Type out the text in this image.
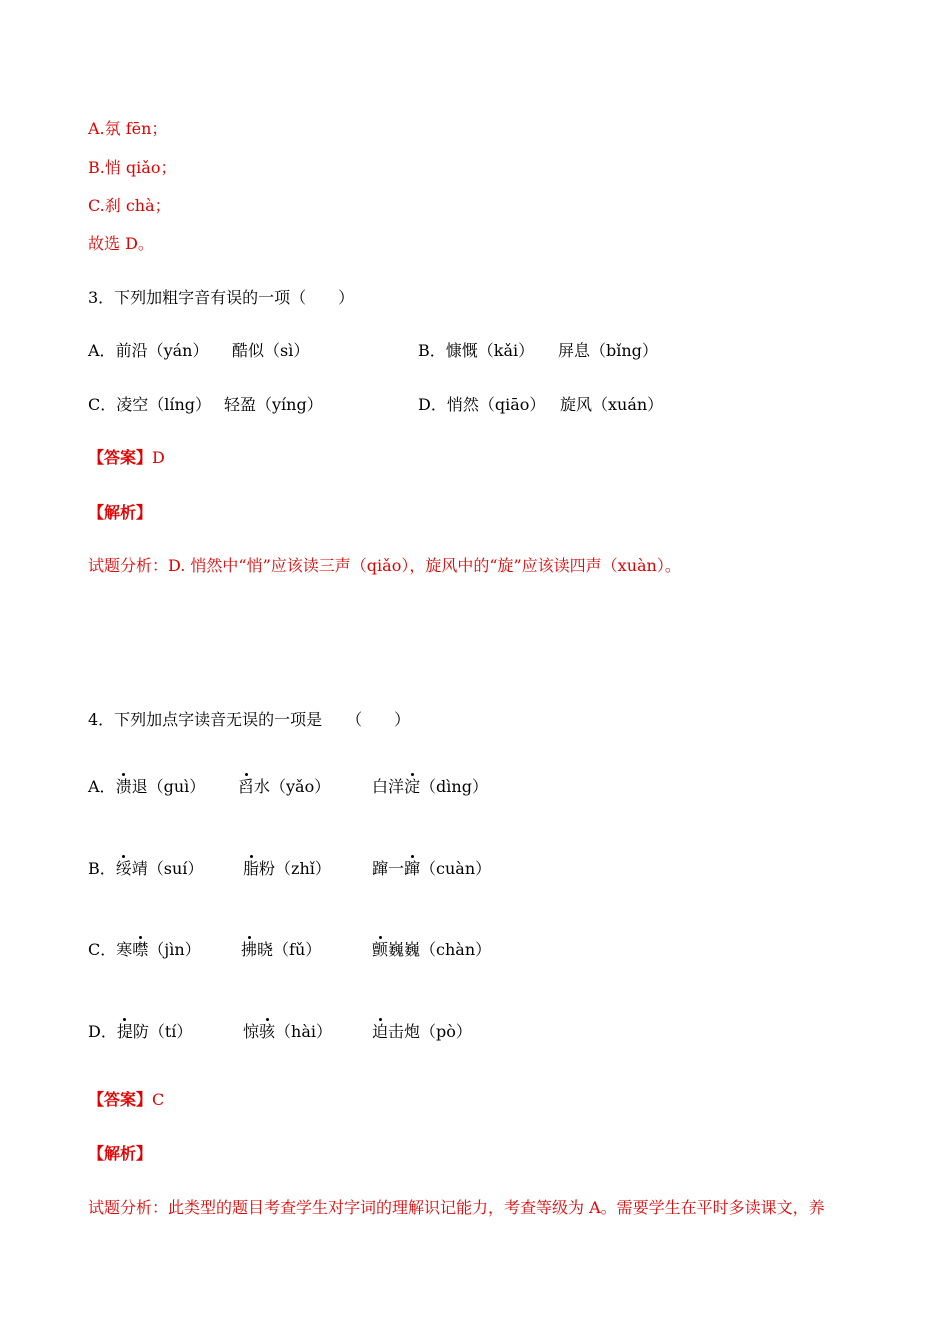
A.氛 fēn；
B.悄 qiǎo；
C.刹 chà；
故选 D。
3．下列加粗字音有误的一项（　　）
A．前沿（yán） 酷似（sì）	B．慷慨（kǎi） 屏息（bǐng）
C．凌空（líng） 轻盈（yíng）	D．悄然（qiāo） 旋风（xuán）
【答案】D
【解析】
试题分析：D. 悄然中“悄”应该读三声（qiǎo），旋风中的“旋”应该读四声（xuàn）。
4．下列加点字读音无误的一项是　　（　　）
A．溃退（guì） 舀水（yǎo）	白洋淀（dìng）
B．绥靖（suí） 脂粉（zhǐ）	蹿一蹿（cuàn）
C．寒噤（jìn）	拂晓（fǔ）	颤巍巍（chàn）
D．提防（tí）	惊骇（hài）	迫击炮（pò）
【答案】C
【解析】
试题分析：此类型的题目考查学生对字词的理解识记能力，考查等级为 A。需要学生在平时多读课文，养
